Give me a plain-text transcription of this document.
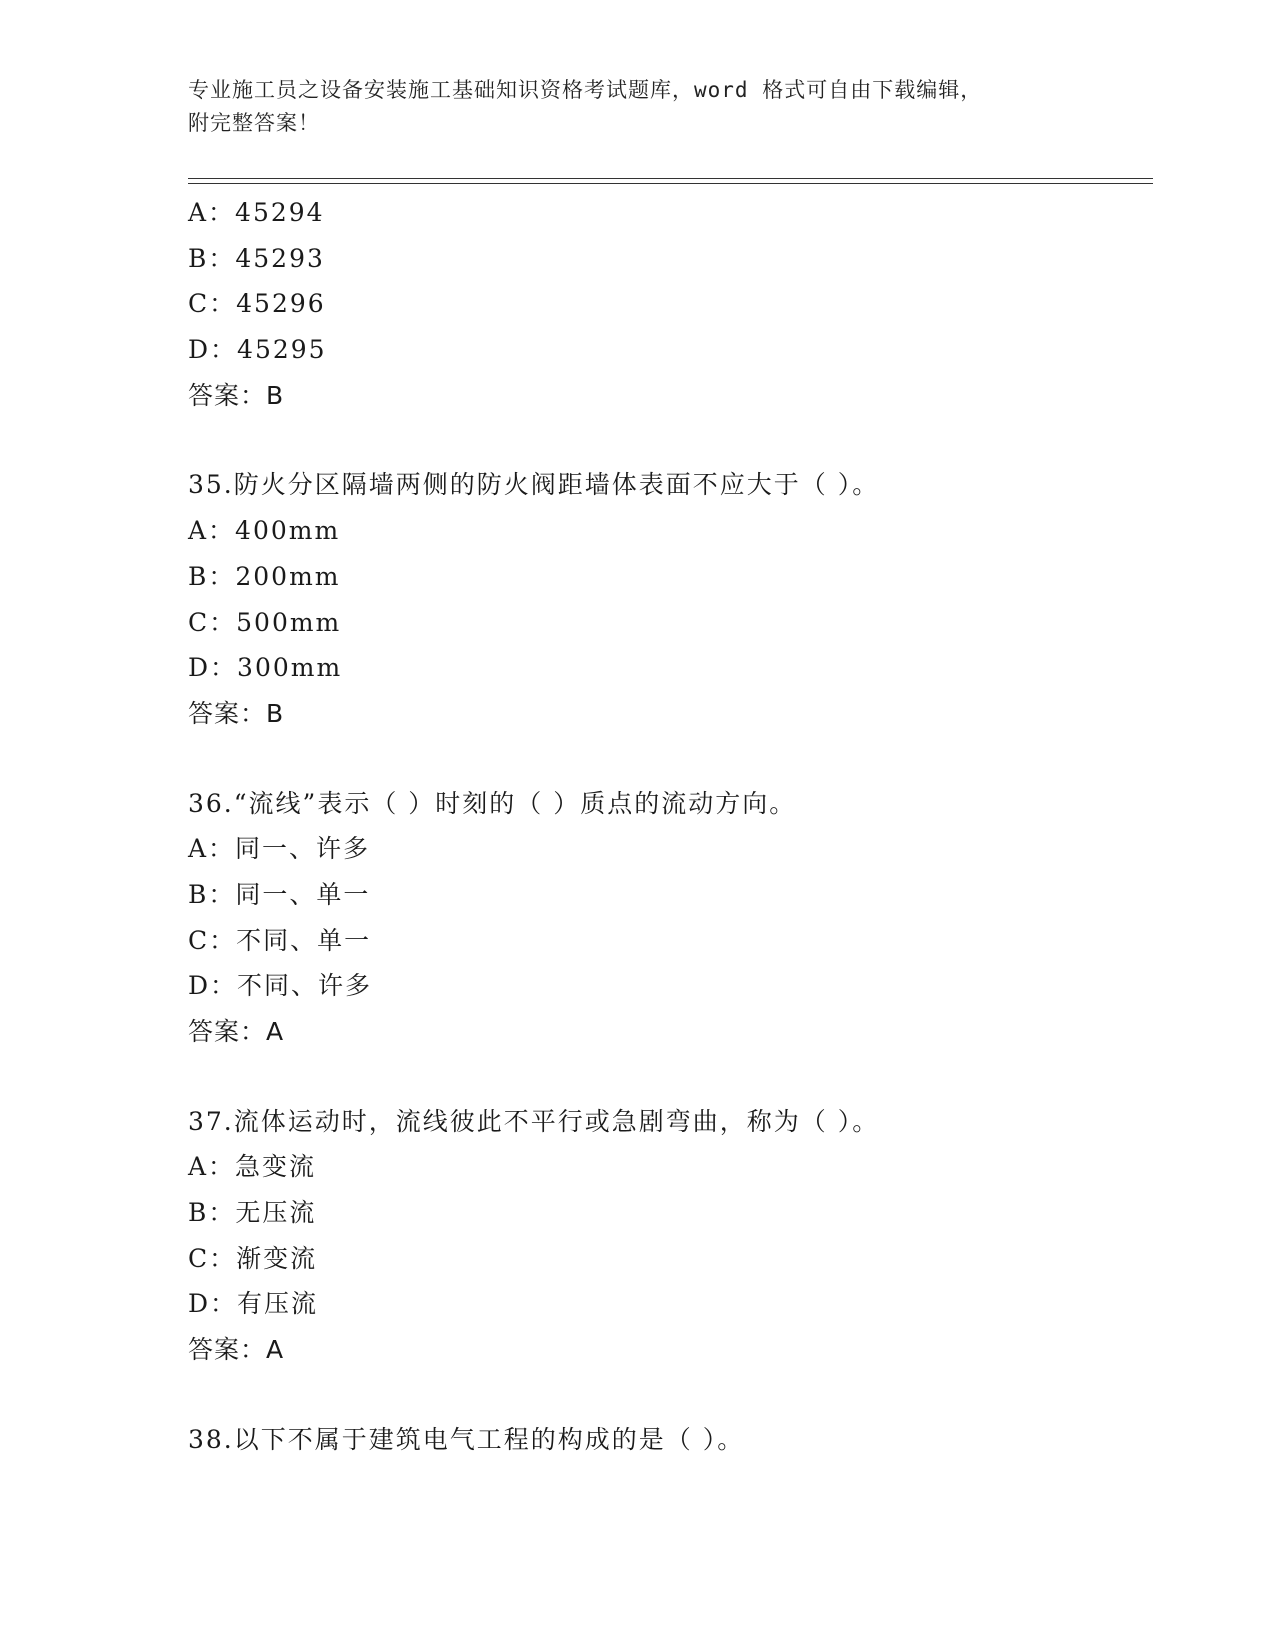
专业施工员之设备安装施工基础知识资格考试题库，word 格式可自由下载编辑，
附完整答案！
A：45294
B：45293
C：45296
D：45295
答案：B
35.防火分区隔墙两侧的防火阀距墙体表面不应大于（ ）。
A：400mm
B：200mm
C：500mm
D：300mm
答案：B
36.“流线”表示（ ）时刻的（ ）质点的流动方向。
A：同一、许多
B：同一、单一
C：不同、单一
D：不同、许多
答案：A
37.流体运动时，流线彼此不平行或急剧弯曲，称为（ ）。
A：急变流
B：无压流
C：渐变流
D：有压流
答案：A
38.以下不属于建筑电气工程的构成的是（ ）。
